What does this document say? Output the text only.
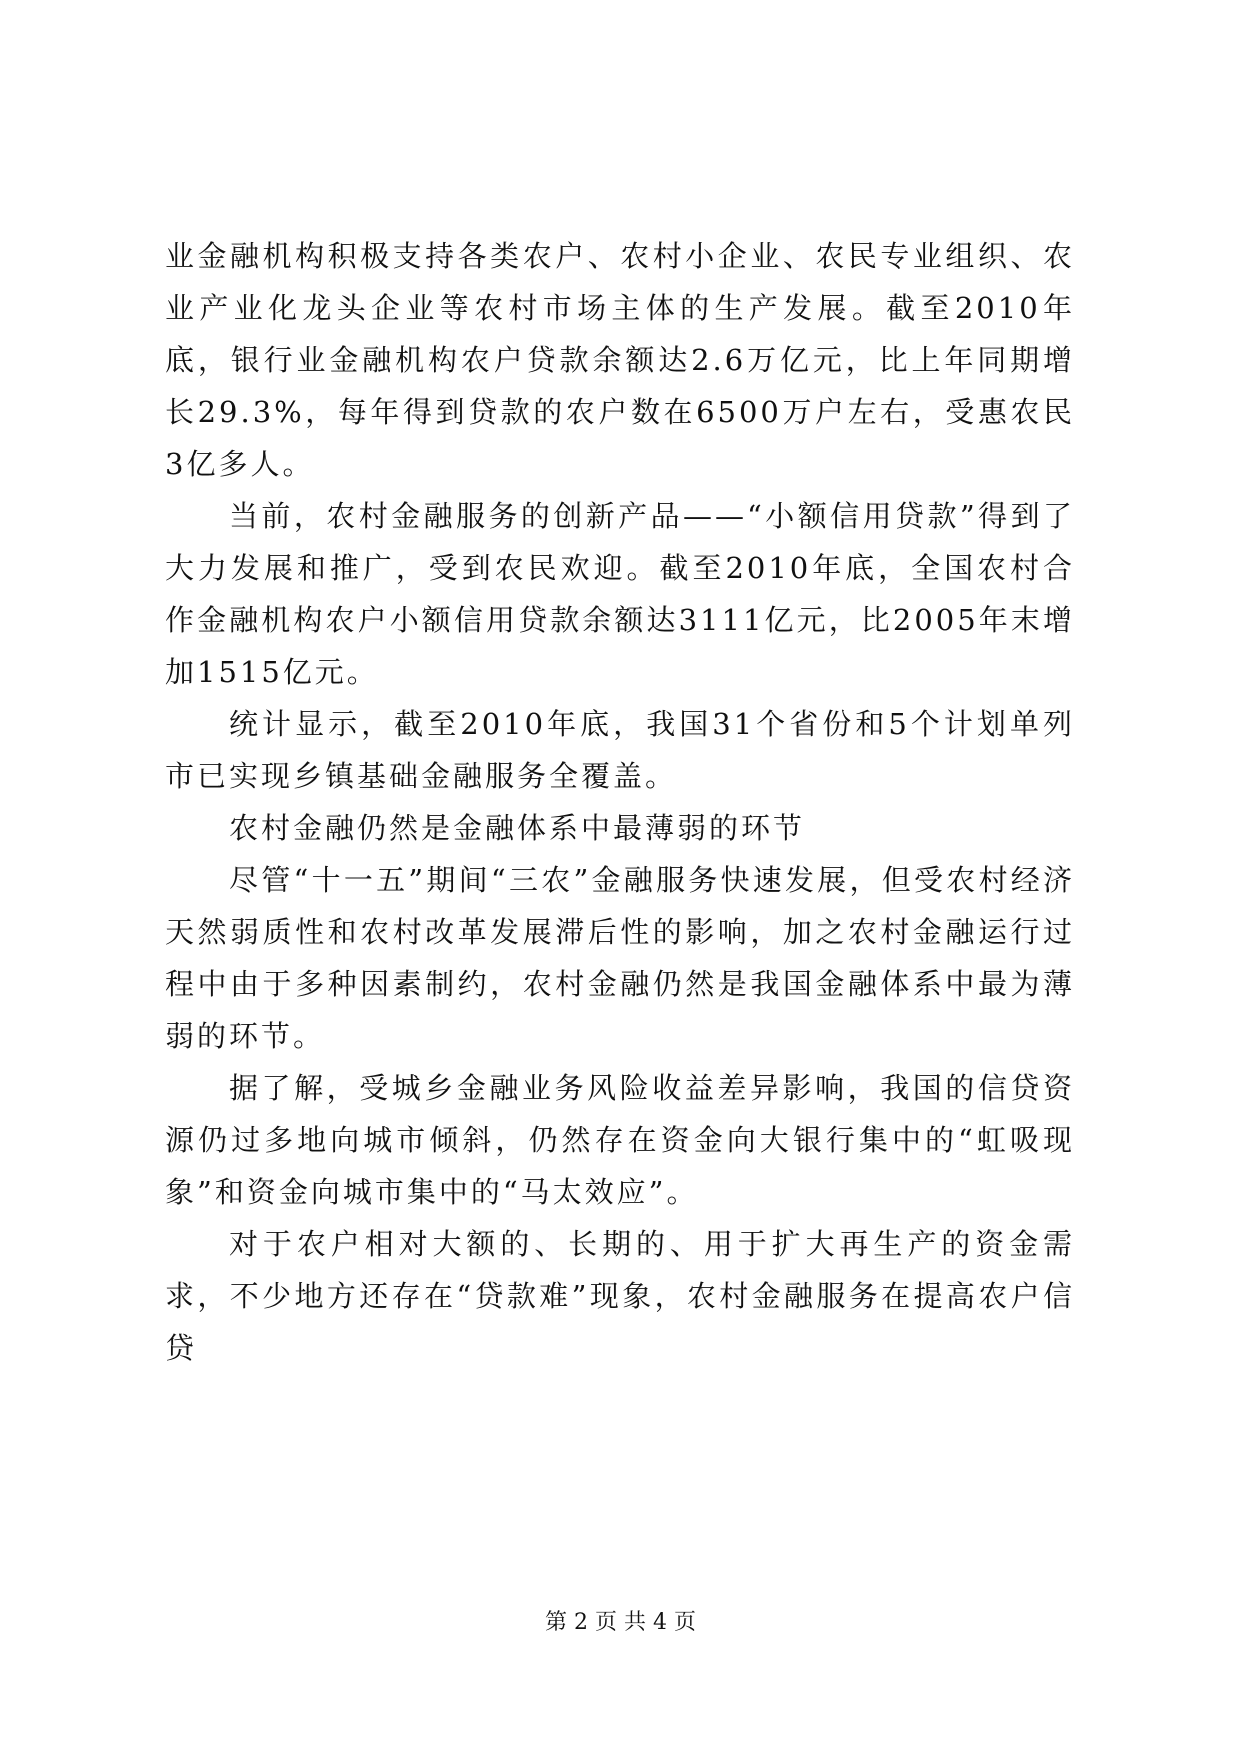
业金融机构积极支持各类农户、农村小企业、农民专业组织、农业产业化龙头企业等农村市场主体的生产发展。截至2010年底，银行业金融机构农户贷款余额达2.6万亿元，比上年同期增长29.3%，每年得到贷款的农户数在6500万户左右，受惠农民3亿多人。

当前，农村金融服务的创新产品——“小额信用贷款”得到了大力发展和推广，受到农民欢迎。截至2010年底，全国农村合作金融机构农户小额信用贷款余额达3111亿元，比2005年末增加1515亿元。

统计显示，截至2010年底，我国31个省份和5个计划单列市已实现乡镇基础金融服务全覆盖。

农村金融仍然是金融体系中最薄弱的环节

尽管“十一五”期间“三农”金融服务快速发展，但受农村经济天然弱质性和农村改革发展滞后性的影响，加之农村金融运行过程中由于多种因素制约，农村金融仍然是我国金融体系中最为薄弱的环节。

据了解，受城乡金融业务风险收益差异影响，我国的信贷资源仍过多地向城市倾斜，仍然存在资金向大银行集中的“虹吸现象”和资金向城市集中的“马太效应”。

对于农户相对大额的、长期的、用于扩大再生产的资金需求，不少地方还存在“贷款难”现象，农村金融服务在提高农户信贷

第 2 页 共 4 页
